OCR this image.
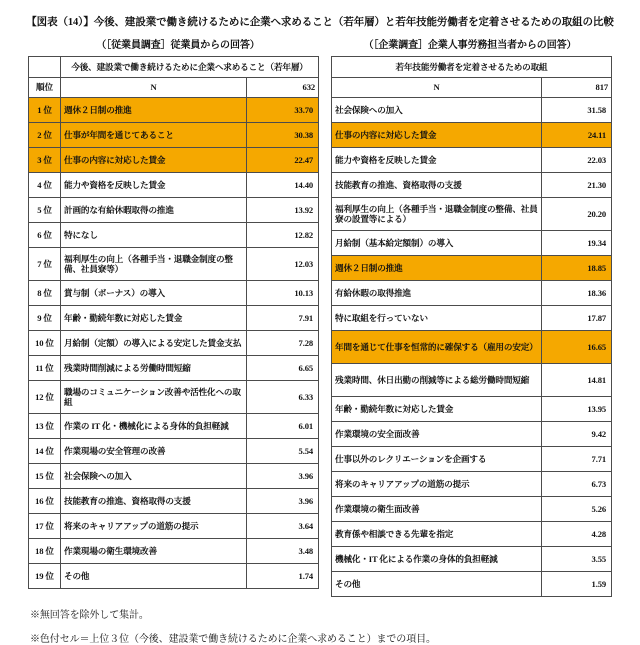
【図表（14）】今後、建設業で働き続けるために企業へ求めること（若年層）と若年技能労働者を定着させるための取組の比較
（［従業員調査］従業員からの回答）	（［企業調査］企業人事労務担当者からの回答）
	今後、建設業で働き続けるために企業へ求めること（若年層）	
順位	N	632
1 位	週休２日制の推進	33.70
2 位	仕事が年間を通じてあること	30.38
3 位	仕事の内容に対応した賃金	22.47
4 位	能力や資格を反映した賃金	14.40
5 位	計画的な有給休暇取得の推進	13.92
6 位	特になし	12.82
7 位	福利厚生の向上（各種手当・退職金制度の整備、社員寮等）	12.03
8 位	賞与制（ボーナス）の導入	10.13
9 位	年齢・勤続年数に対応した賃金	7.91
10 位	月給制（定額）の導入による安定した賃金支払	7.28
11 位	残業時間削減による労働時間短縮	6.65
12 位	職場のコミュニケーション改善や活性化への取組	6.33
13 位	作業の IT 化・機械化による身体的負担軽減	6.01
14 位	作業現場の安全管理の改善	5.54
15 位	社会保険への加入	3.96
16 位	技能教育の推進、資格取得の支援	3.96
17 位	将来のキャリアアップの道筋の提示	3.64
18 位	作業現場の衛生環境改善	3.48
19 位	その他	1.74
若年技能労働者を定着させるための取組	
N	817
社会保険への加入	31.58
仕事の内容に対応した賃金	24.11
能力や資格を反映した賃金	22.03
技能教育の推進、資格取得の支援	21.30
福利厚生の向上（各種手当・退職金制度の整備、社員寮の設置等による）	20.20
月給制（基本給定額制）の導入	19.34
週休２日制の推進	18.85
有給休暇の取得推進	18.36
特に取組を行っていない	17.87
年間を通じて仕事を恒常的に確保する（雇用の安定）	16.65
残業時間、休日出勤の削減等による総労働時間短縮	14.81
年齢・勤続年数に対応した賃金	13.95
作業環境の安全面改善	9.42
仕事以外のレクリエーションを企画する	7.71
将来のキャリアアップの道筋の提示	6.73
作業環境の衛生面改善	5.26
教育係や相談できる先輩を指定	4.28
機械化・IT 化による作業の身体的負担軽減	3.55
その他	1.59
※無回答を除外して集計。
※色付セル＝上位３位（今後、建設業で働き続けるために企業へ求めること）までの項目。
